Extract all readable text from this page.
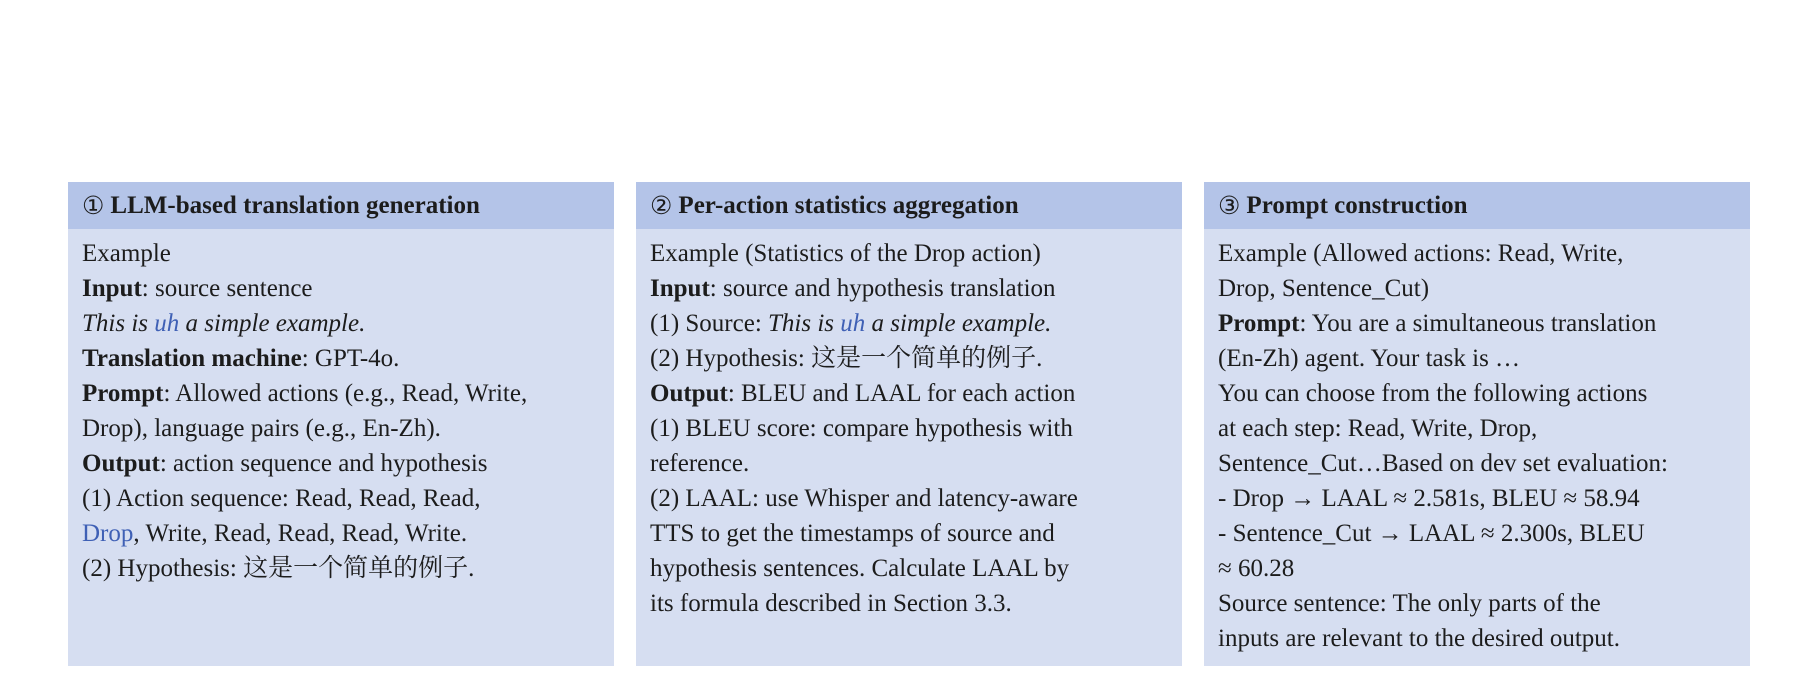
① LLM-based translation generation
Example
Input: source sentence
This is uh a simple example.
Translation machine: GPT-4o.
Prompt: Allowed actions (e.g., Read, Write,
Drop), language pairs (e.g., En-Zh).
Output: action sequence and hypothesis
(1) Action sequence: Read, Read, Read,
Drop, Write, Read, Read, Read, Write.
(2) Hypothesis: 这是一个简单的例子.
② Per-action statistics aggregation
Example (Statistics of the Drop action)
Input: source and hypothesis translation
(1) Source: This is uh a simple example.
(2) Hypothesis: 这是一个简单的例子.
Output: BLEU and LAAL for each action
(1) BLEU score: compare hypothesis with
reference.
(2) LAAL: use Whisper and latency-aware
TTS to get the timestamps of source and
hypothesis sentences. Calculate LAAL by
its formula described in Section 3.3.
③ Prompt construction
Example (Allowed actions: Read, Write,
Drop, Sentence_Cut)
Prompt: You are a simultaneous translation
(En-Zh) agent. Your task is …
You can choose from the following actions
at each step: Read, Write, Drop,
Sentence_Cut…Based on dev set evaluation:
- Drop → LAAL ≈ 2.581s, BLEU ≈ 58.94
- Sentence_Cut → LAAL ≈ 2.300s, BLEU
≈ 60.28
Source sentence: The only parts of the
inputs are relevant to the desired output.
